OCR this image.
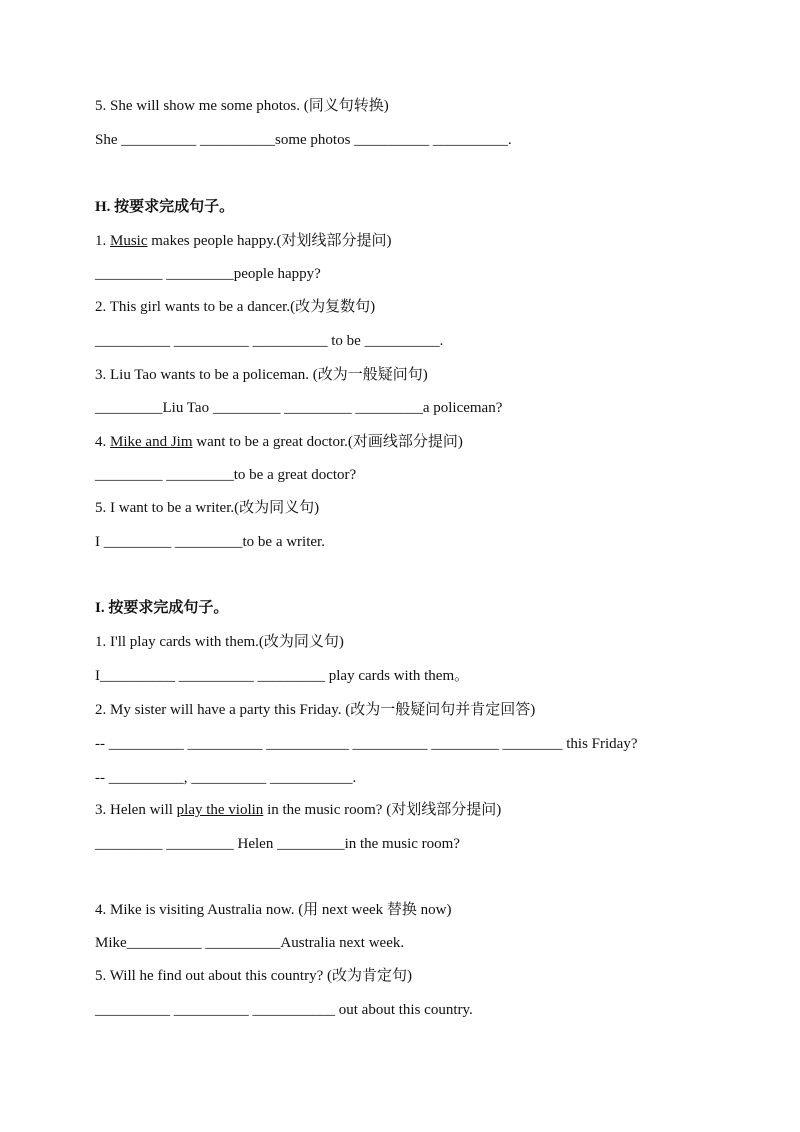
5. She will show me some photos. (同义句转换)
She __________ __________some photos __________ __________.
H. 按要求完成句子。
1. Music makes people happy.(对划线部分提问)
_________ _________people happy?
2. This girl wants to be a dancer.(改为复数句)
__________ __________ __________ to be __________.
3. Liu Tao wants to be a policeman. (改为一般疑问句)
_________Liu Tao _________ _________ _________a policeman?
4. Mike and Jim want to be a great doctor.(对画线部分提问)
_________ _________to be a great doctor?
5. I want to be a writer.(改为同义句)
I _________ _________to be a writer.
I. 按要求完成句子。
1. I'll play cards with them.(改为同义句)
I__________ __________ _________ play cards with them。
2. My sister will have a party this Friday. (改为一般疑问句并肯定回答)
-- __________ __________ ___________ __________ _________ ________ this Friday?
-- __________, __________ ___________.
3. Helen will play the violin in the music room? (对划线部分提问)
_________ _________ Helen _________in the music room?
4. Mike is visiting Australia now. (用 next week 替换 now)
Mike__________ __________Australia next week.
5. Will he find out about this country? (改为肯定句)
__________ __________ ___________ out about this country.
